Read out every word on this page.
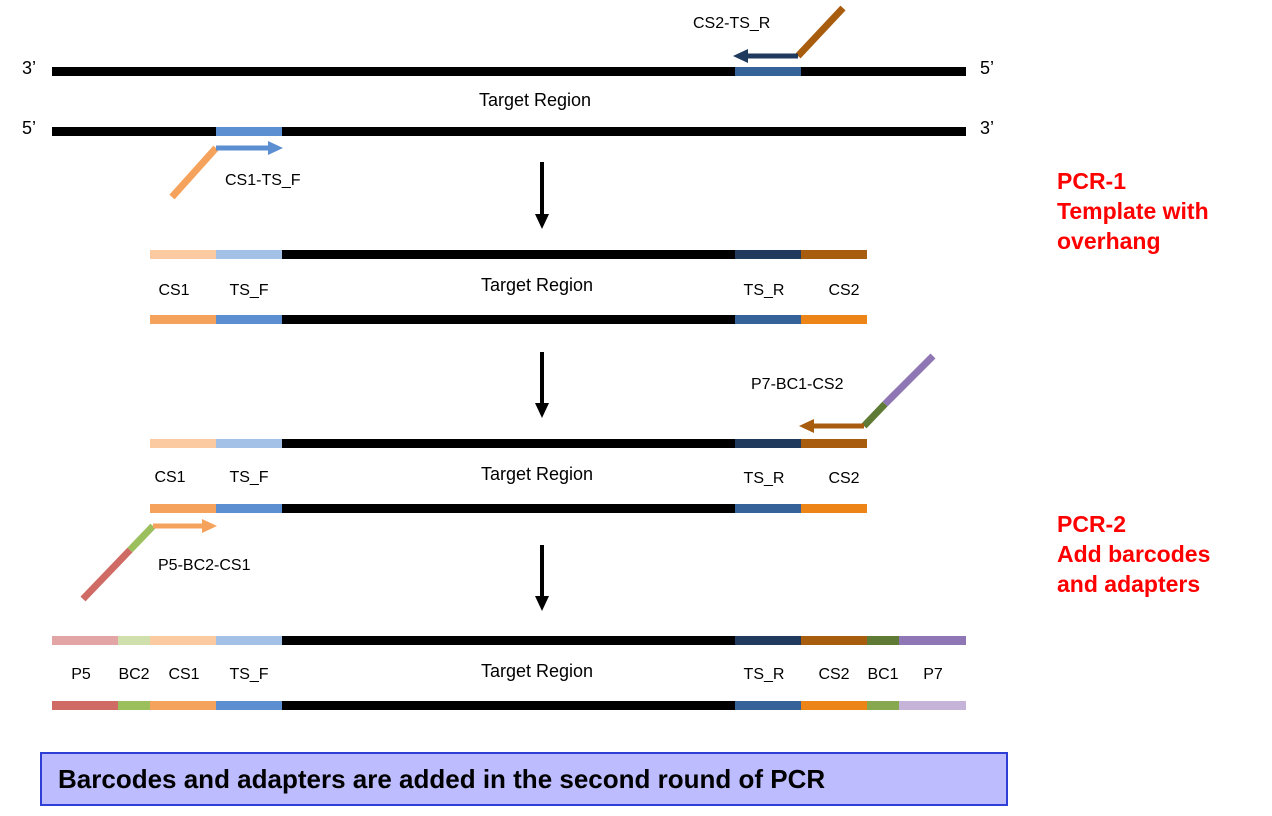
3’	5’
5’	3’
Target Region
CS2-TS_R
CS1-TS_F
CS1 TS_F	Target Region	TS_R	CS2
CS1	TS_F	Target Region	TS_R	CS2
P7-BC1-CS2
P5-BC2-CS1
P5 BC2 CS1 TS_F	Target Region	TS_R CS2 BC1 P7
PCR-1
Template with
overhang
PCR-2
Add barcodes
and adapters
Barcodes and adapters are added in the second round of PCR
